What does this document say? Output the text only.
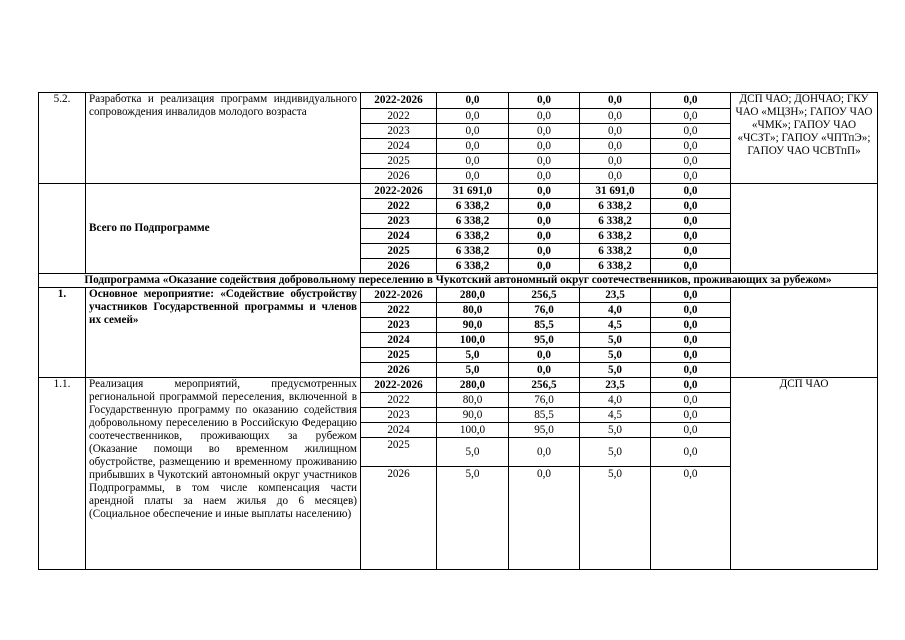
5.2.	Разработка и реализация программ индивидуального сопровождения инвалидов молодого возраста	2022-2026	0,0	0,0	0,0	0,0	ДСП ЧАО; ДОНЧАО; ГКУ ЧАО «МЦЗН»; ГАПОУ ЧАО «ЧМК»; ГАПОУ ЧАО «ЧСЗТ»; ГАПОУ «ЧПТпЭ»; ГАПОУ ЧАО ЧСВТпП»
		2022	0,0	0,0	0,0	0,0	
		2023	0,0	0,0	0,0	0,0	
		2024	0,0	0,0	0,0	0,0	
		2025	0,0	0,0	0,0	0,0	
		2026	0,0	0,0	0,0	0,0	
	Всего по Подпрограмме	2022-2026	31 691,0	0,0	31 691,0	0,0	
		2022	6 338,2	0,0	6 338,2	0,0	
		2023	6 338,2	0,0	6 338,2	0,0	
		2024	6 338,2	0,0	6 338,2	0,0	
		2025	6 338,2	0,0	6 338,2	0,0	
		2026	6 338,2	0,0	6 338,2	0,0	
Подпрограмма «Оказание содействия добровольному переселению в Чукотский автономный округ соотечественников, проживающих за рубежом»							
1.	Основное мероприятие: «Содействие обустройству участников Государственной программы и членов их семей»	2022-2026	280,0	256,5	23,5	0,0	
		2022	80,0	76,0	4,0	0,0	
		2023	90,0	85,5	4,5	0,0	
		2024	100,0	95,0	5,0	0,0	
		2025	5,0	0,0	5,0	0,0	
		2026	5,0	0,0	5,0	0,0	
1.1.	Реализация мероприятий, предусмотренных региональной программой переселения, включенной в Государственную программу по оказанию содействия добровольному переселению в Российскую Федерацию соотечественников, проживающих за рубежом (Оказание помощи во временном жилищном обустройстве, размещению и временному проживанию прибывших в Чукотский автономный округ участников Подпрограммы, в том числе компенсация части арендной платы за наем жилья до 6 месяцев) (Социальное обеспечение и иные выплаты населению)	2022-2026	280,0	256,5	23,5	0,0	ДСП ЧАО
		2022	80,0	76,0	4,0	0,0	
		2023	90,0	85,5	4,5	0,0	
		2024	100,0	95,0	5,0	0,0	
		2025	5,0	0,0	5,0	0,0	
		2026	5,0	0,0	5,0	0,0	
